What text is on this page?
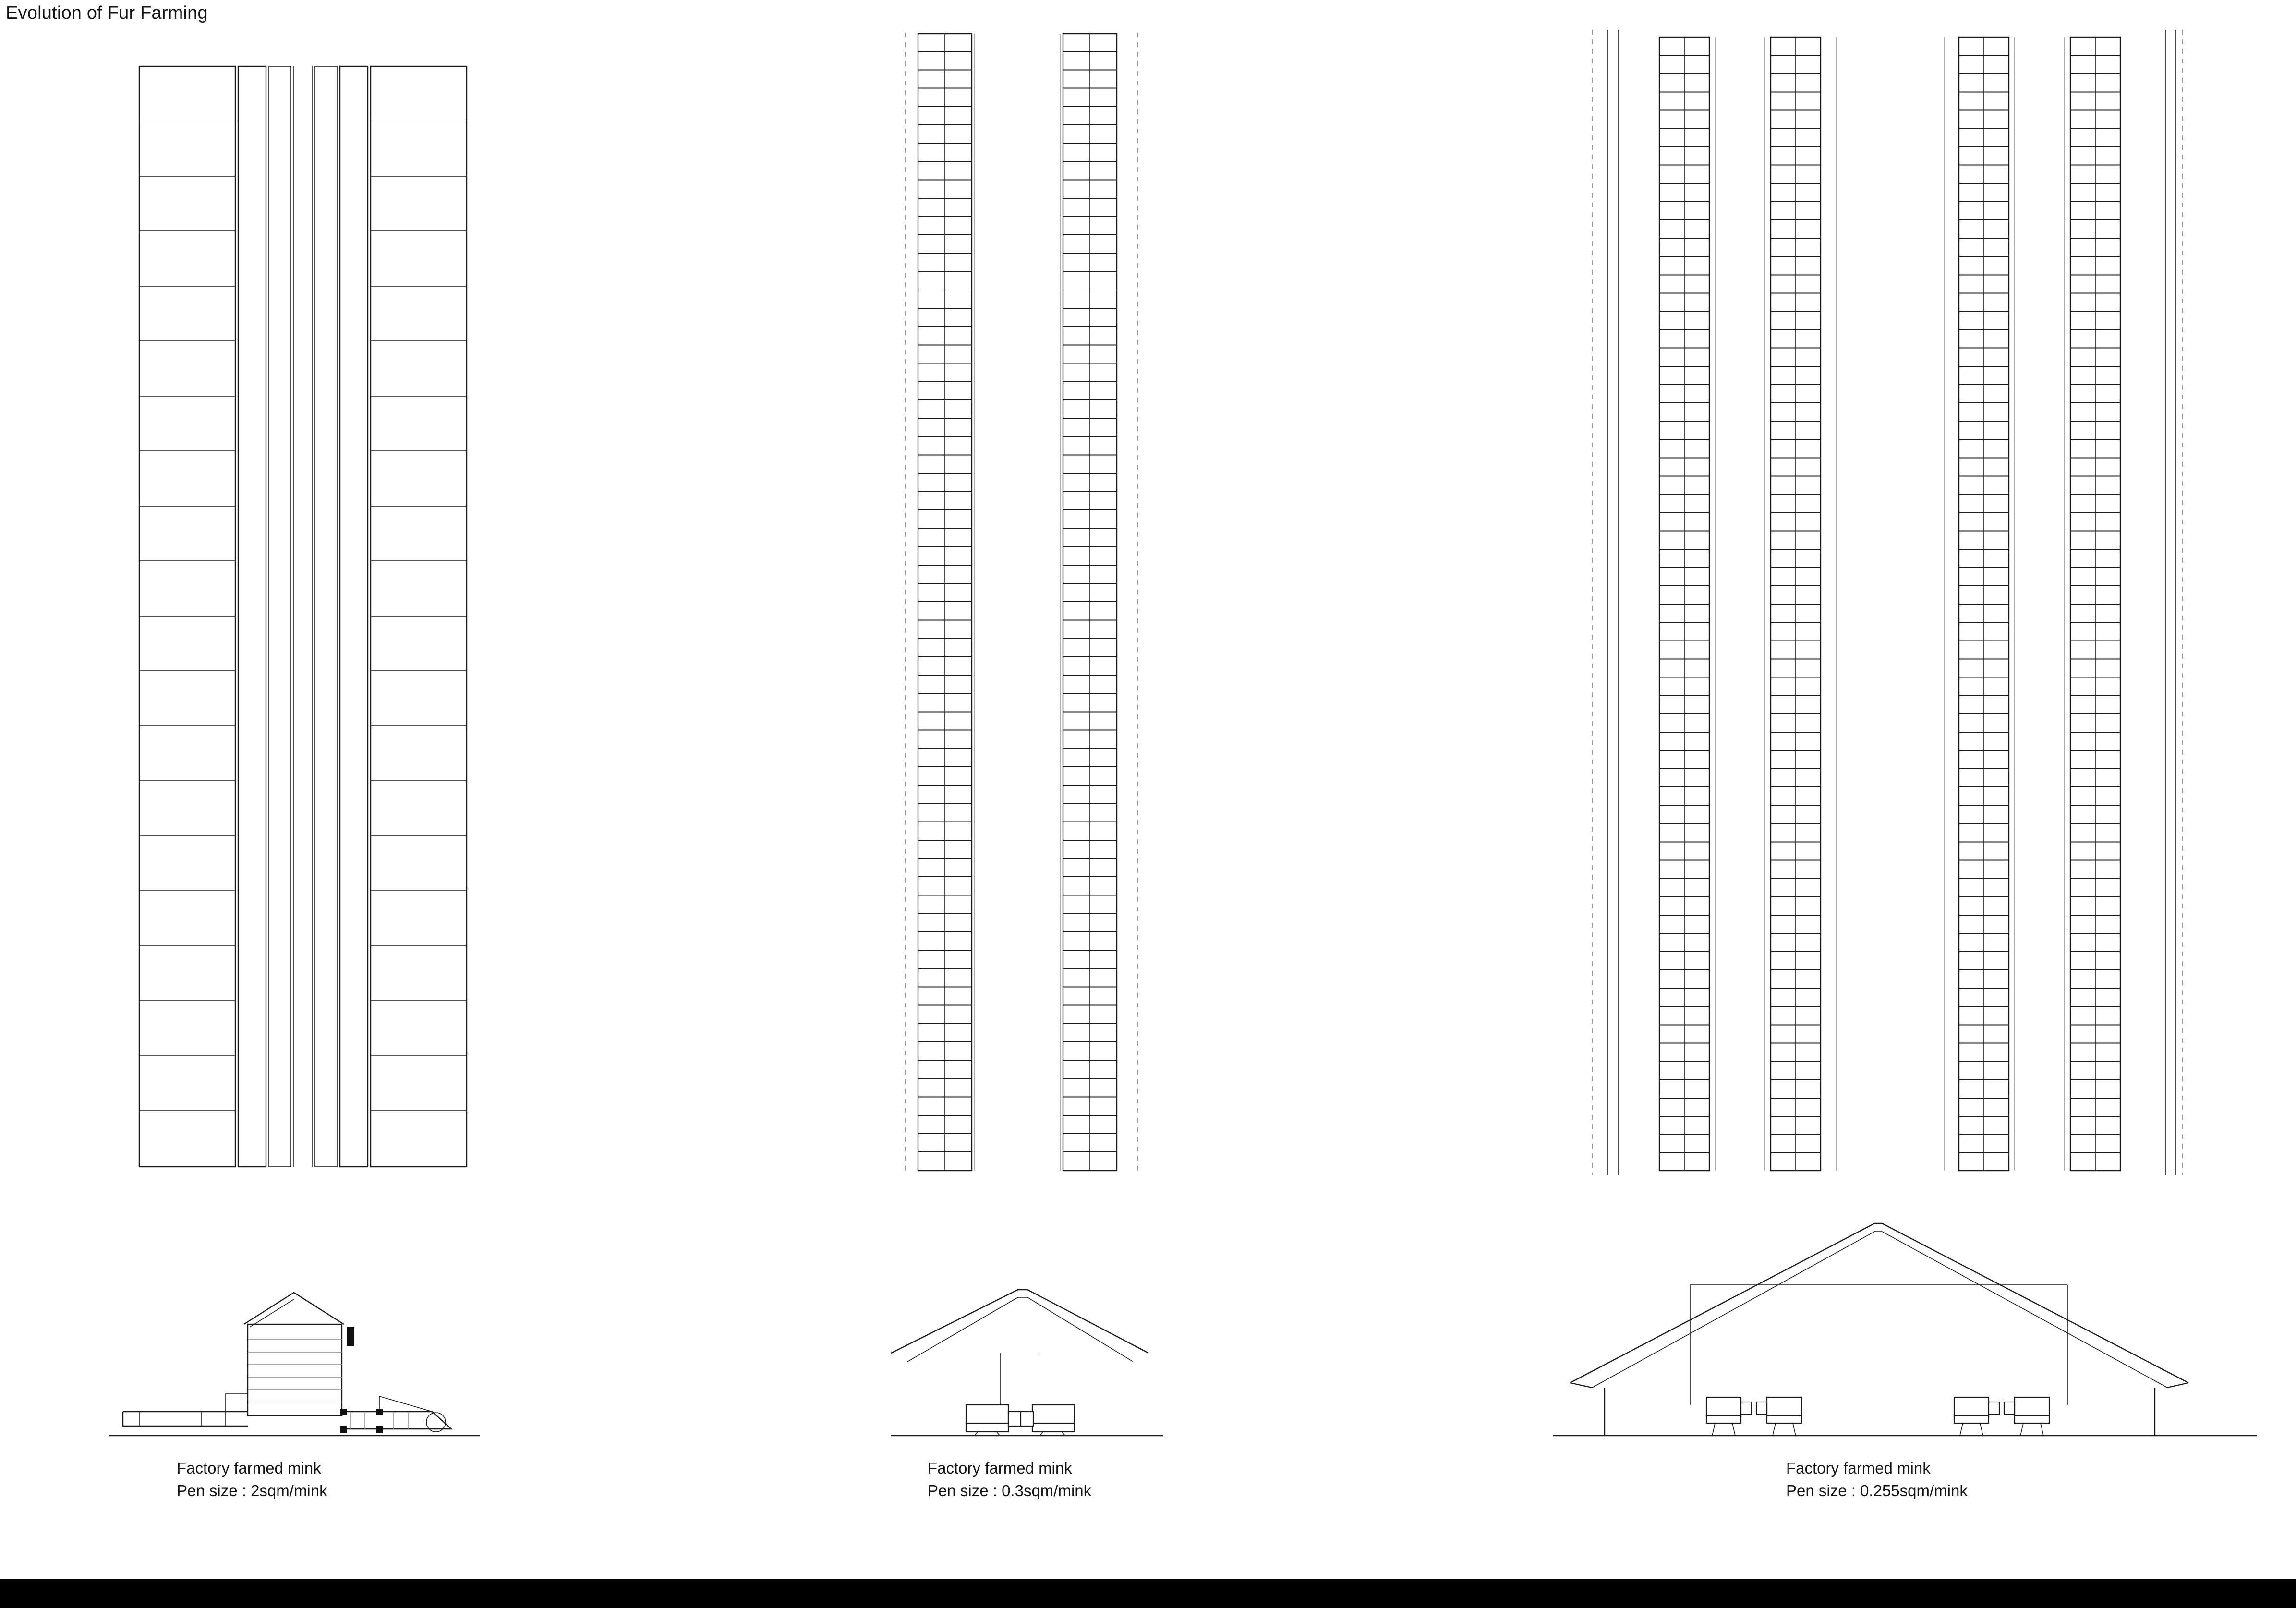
Evolution of Fur Farming
Factory farmed mink
Pen size : 2sqm/mink
Factory farmed mink
Pen size : 0.3sqm/mink
Factory farmed mink
Pen size : 0.255sqm/mink
